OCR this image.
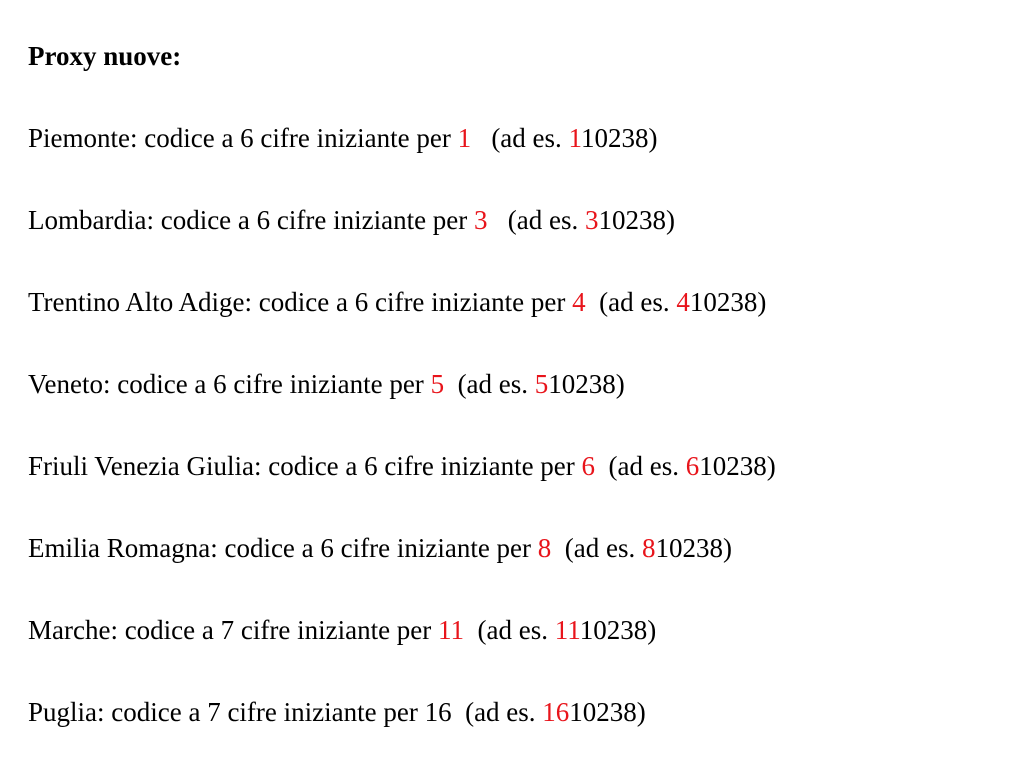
Proxy nuove:
Piemonte: codice a 6 cifre iniziante per 1   (ad es. 110238)
Lombardia: codice a 6 cifre iniziante per 3   (ad es. 310238)
Trentino Alto Adige: codice a 6 cifre iniziante per 4  (ad es. 410238)
Veneto: codice a 6 cifre iniziante per 5  (ad es. 510238)
Friuli Venezia Giulia: codice a 6 cifre iniziante per 6  (ad es. 610238)
Emilia Romagna: codice a 6 cifre iniziante per 8  (ad es. 810238)
Marche: codice a 7 cifre iniziante per 11  (ad es. 1110238)
Puglia: codice a 7 cifre iniziante per 16  (ad es. 1610238)
